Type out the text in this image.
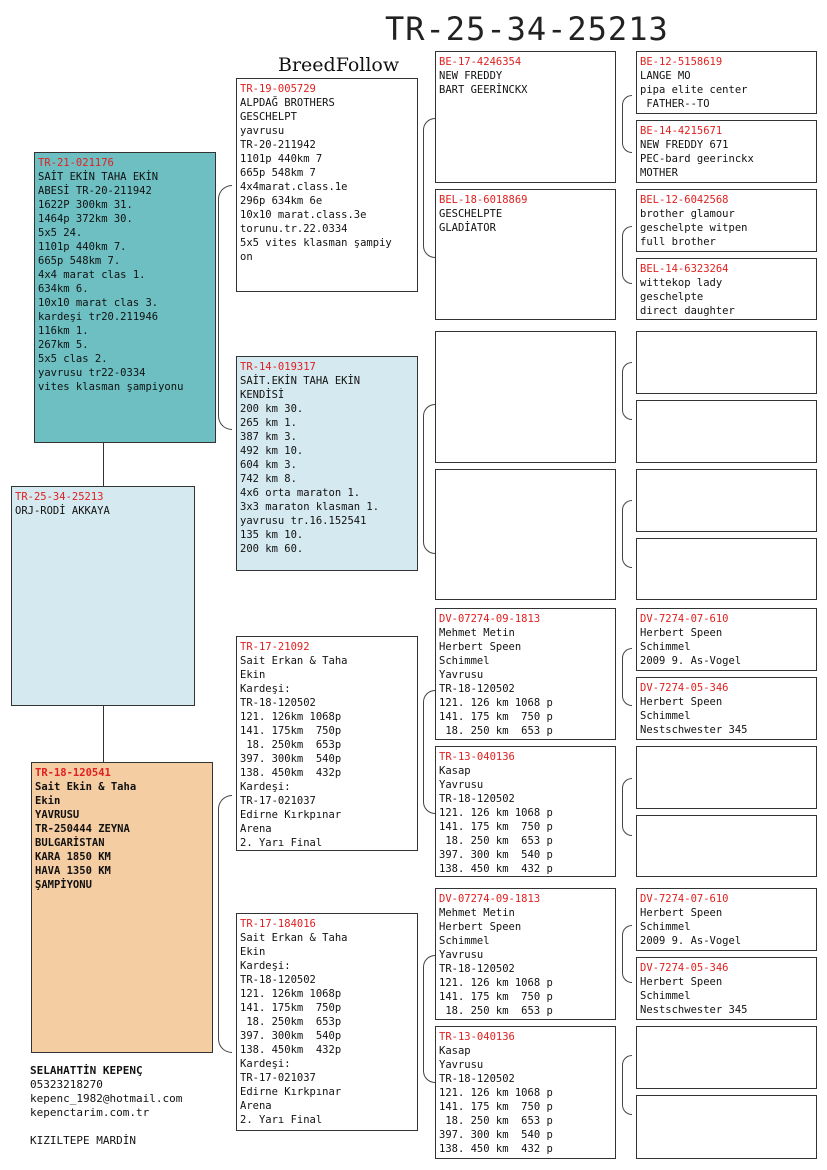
TR-25-34-25213
BreedFollow
TR-25-34-25213
ORJ-RODİ AKKAYA
TR-21-021176
SAİT EKİN TAHA EKİN
ABESİ TR-20-211942
1622P 300km 31.
1464p 372km 30.
5x5 24.
1101p 440km 7.
665p 548km 7.
4x4 marat clas 1.
634km 6.
10x10 marat clas 3.
kardeşi tr20.211946
116km 1.
267km 5.
5x5 clas 2.
yavrusu tr22-0334
vites klasman şampiyonu
TR-18-120541
Sait Ekin & Taha
Ekin
YAVRUSU
TR-250444 ZEYNA
BULGARİSTAN
KARA 1850 KM
HAVA 1350 KM
ŞAMPİYONU
TR-19-005729
ALPDAĞ BROTHERS
GESCHELPT
yavrusu
TR-20-211942
1101p 440km 7
665p 548km 7
4x4marat.class.1e
296p 634km 6e
10x10 marat.class.3e
torunu.tr.22.0334
5x5 vites klasman şampiy
on
TR-14-019317
SAİT.EKİN TAHA EKİN
KENDİSİ
200 km 30.
265 km 1.
387 km 3.
492 km 10.
604 km 3.
742 km 8.
4x6 orta maraton 1.
3x3 maraton klasman 1.
yavrusu tr.16.152541
135 km 10.
200 km 60.
TR-17-21092
Sait Erkan & Taha
Ekin
Kardeşi:
TR-18-120502
121. 126km 1068p
141. 175km  750p
18. 250km  653p
397. 300km  540p
138. 450km  432p
Kardeşi:
TR-17-021037
Edirne Kırkpınar
Arena
2. Yarı Final
TR-17-184016
Sait Erkan & Taha
Ekin
Kardeşi:
TR-18-120502
121. 126km 1068p
141. 175km  750p
18. 250km  653p
397. 300km  540p
138. 450km  432p
Kardeşi:
TR-17-021037
Edirne Kırkpınar
Arena
2. Yarı Final
BE-17-4246354
NEW FREDDY
BART GEERİNCKX
BEL-18-6018869
GESCHELPTE
GLADİATOR
DV-07274-09-1813
Mehmet Metin
Herbert Speen
Schimmel
Yavrusu
TR-18-120502
121. 126 km 1068 p
141. 175 km  750 p
18. 250 km  653 p
TR-13-040136
Kasap
Yavrusu
TR-18-120502
121. 126 km 1068 p
141. 175 km  750 p
18. 250 km  653 p
397. 300 km  540 p
138. 450 km  432 p
DV-07274-09-1813
Mehmet Metin
Herbert Speen
Schimmel
Yavrusu
TR-18-120502
121. 126 km 1068 p
141. 175 km  750 p
18. 250 km  653 p
TR-13-040136
Kasap
Yavrusu
TR-18-120502
121. 126 km 1068 p
141. 175 km  750 p
18. 250 km  653 p
397. 300 km  540 p
138. 450 km  432 p
BE-12-5158619
LANGE MO
pipa elite center
FATHER--TO
BE-14-4215671
NEW FREDDY 671
PEC-bard geerinckx
MOTHER
BEL-12-6042568
brother glamour
geschelpte witpen
full brother
BEL-14-6323264
wittekop lady
geschelpte
direct daughter
DV-7274-07-610
Herbert Speen
Schimmel
2009 9. As-Vogel
DV-7274-05-346
Herbert Speen
Schimmel
Nestschwester 345
DV-7274-07-610
Herbert Speen
Schimmel
2009 9. As-Vogel
DV-7274-05-346
Herbert Speen
Schimmel
Nestschwester 345
SELAHATTİN KEPENÇ
05323218270
kepenc_1982@hotmail.com
kepenctarim.com.tr

KIZILTEPE MARDİN
